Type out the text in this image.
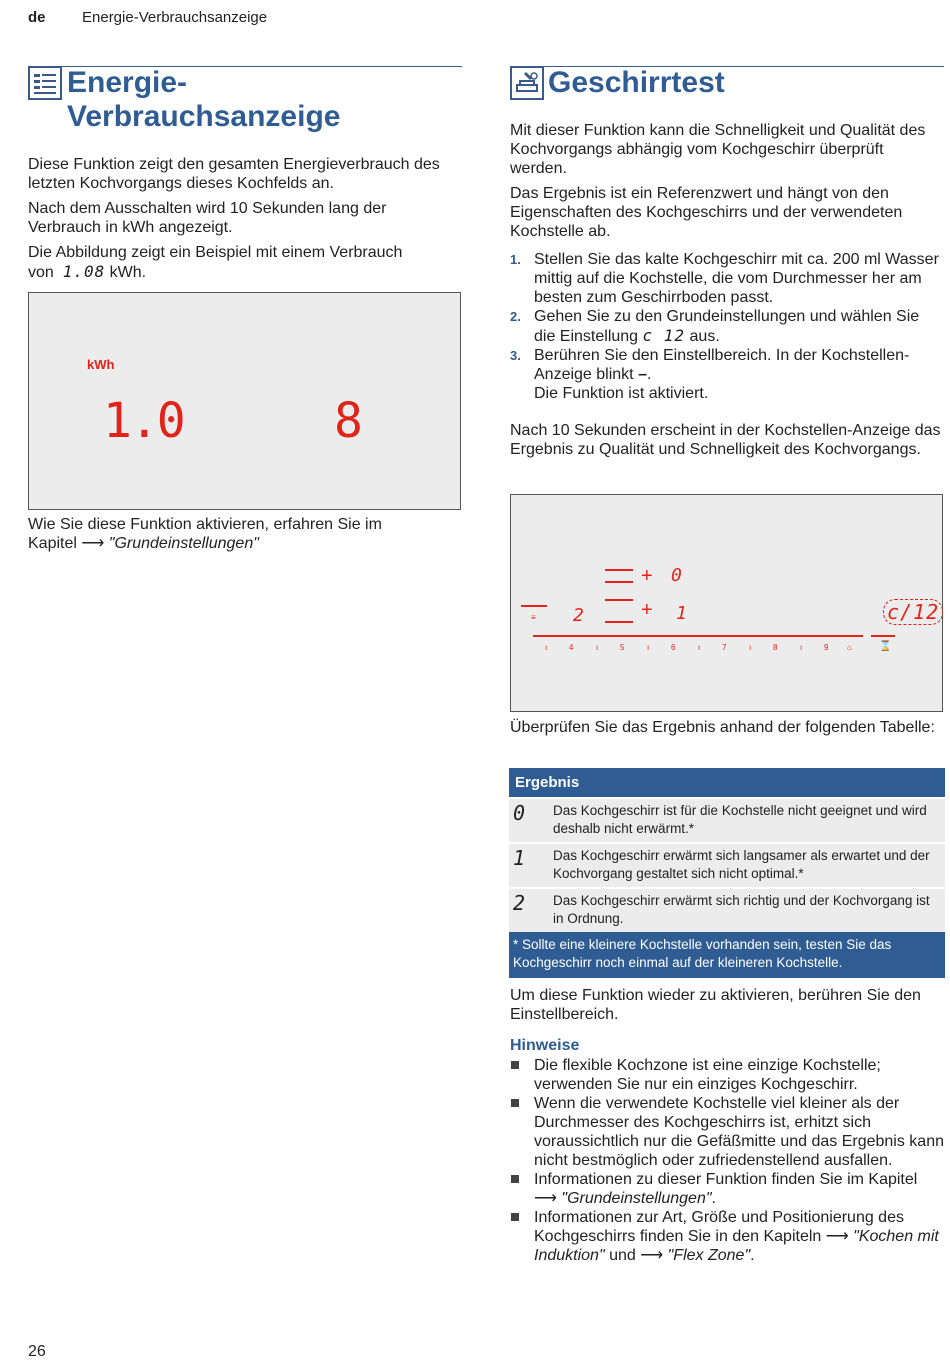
de Energie-Verbrauchsanzeige
Energie-
Verbrauchsanzeige

Diese Funktion zeigt den gesamten Energieverbrauch des letzten Kochvorgangs dieses Kochfelds an.

Nach dem Ausschalten wird 10 Sekunden lang der Verbrauch in kWh angezeigt.

Die Abbildung zeigt ein Beispiel mit einem Verbrauch
von 1.08 kWh.

kWh
1.0	8

Wie Sie diese Funktion aktivieren, erfahren Sie im
Kapitel ⟶ "Grundeinstellungen"

Geschirrtest

Mit dieser Funktion kann die Schnelligkeit und Qualität des Kochvorgangs abhängig vom Kochgeschirr überprüft werden.

Das Ergebnis ist ein Referenzwert und hängt von den Eigenschaften des Kochgeschirrs und der verwendeten Kochstelle ab.

1. Stellen Sie das kalte Kochgeschirr mit ca. 200 ml Wasser mittig auf die Kochstelle, die vom Durchmesser her am besten zum Geschirrboden passt.
2. Gehen Sie zu den Grundeinstellungen und wählen Sie die Einstellung c 12 aus.
3. Berühren Sie den Einstellbereich. In der Kochstellen-Anzeige blinkt –.
Die Funktion ist aktiviert.

Nach 10 Sekunden erscheint in der Kochstellen-Anzeige das Ergebnis zu Qualität und Schnelligkeit des Kochvorgangs.

+ 0
+ 1
≡ 2	c/12
ı	4	ı	5	ı	6	ı	7	ı	8	ı	9 ⌂	⌛

Überprüfen Sie das Ergebnis anhand der folgenden Tabelle:

Ergebnis	
0	Das Kochgeschirr ist für die Kochstelle nicht geeignet und wird deshalb nicht erwärmt.*
1	Das Kochgeschirr erwärmt sich langsamer als erwartet und der Kochvorgang gestaltet sich nicht optimal.*
2	Das Kochgeschirr erwärmt sich richtig und der Kochvorgang ist in Ordnung.
* Sollte eine kleinere Kochstelle vorhanden sein, testen Sie das Kochgeschirr noch einmal auf der kleineren Kochstelle.

Um diese Funktion wieder zu aktivieren, berühren Sie den Einstellbereich.

Hinweise
Die flexible Kochzone ist eine einzige Kochstelle; verwenden Sie nur ein einziges Kochgeschirr.
Wenn die verwendete Kochstelle viel kleiner als der Durchmesser des Kochgeschirrs ist, erhitzt sich voraussichtlich nur die Gefäßmitte und das Ergebnis kann nicht bestmöglich oder zufriedenstellend ausfallen.
Informationen zu dieser Funktion finden Sie im Kapitel ⟶ "Grundeinstellungen".
Informationen zur Art, Größe und Positionierung des Kochgeschirrs finden Sie in den Kapiteln ⟶ "Kochen mit Induktion" und ⟶ "Flex Zone".
26
